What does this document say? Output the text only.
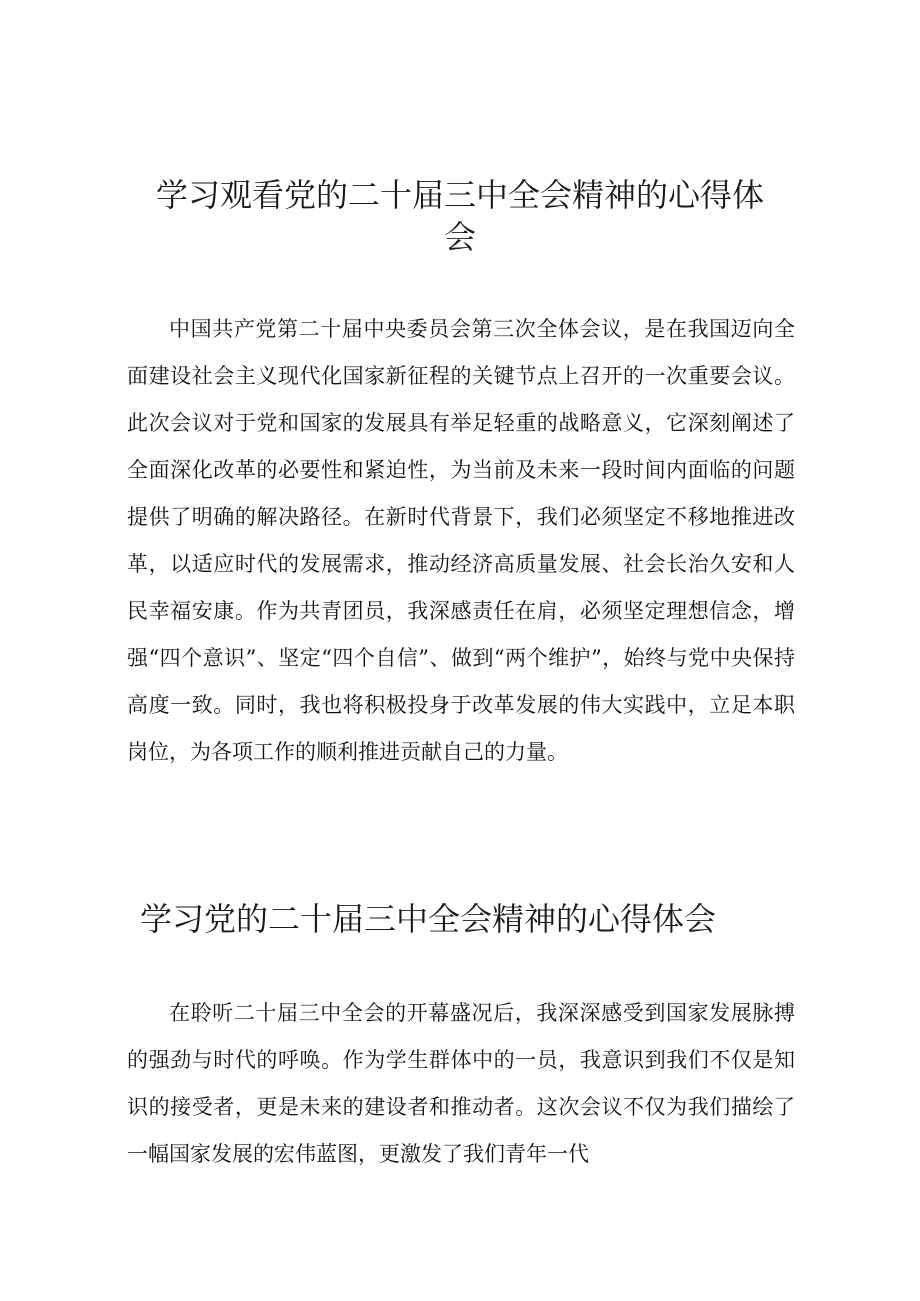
学习观看党的二十届三中全会精神的心得体会

中国共产党第二十届中央委员会第三次全体会议，是在我国迈向全面建设社会主义现代化国家新征程的关键节点上召开的一次重要会议。此次会议对于党和国家的发展具有举足轻重的战略意义，它深刻阐述了全面深化改革的必要性和紧迫性，为当前及未来一段时间内面临的问题提供了明确的解决路径。在新时代背景下，我们必须坚定不移地推进改革，以适应时代的发展需求，推动经济高质量发展、社会长治久安和人民幸福安康。作为共青团员，我深感责任在肩，必须坚定理想信念，增强“四个意识”、坚定“四个自信”、做到“两个维护”，始终与党中央保持高度一致。同时，我也将积极投身于改革发展的伟大实践中，立足本职岗位，为各项工作的顺利推进贡献自己的力量。

学习党的二十届三中全会精神的心得体会

在聆听二十届三中全会的开幕盛况后，我深深感受到国家发展脉搏的强劲与时代的呼唤。作为学生群体中的一员，我意识到我们不仅是知识的接受者，更是未来的建设者和推动者。这次会议不仅为我们描绘了一幅国家发展的宏伟蓝图，更激发了我们青年一代
